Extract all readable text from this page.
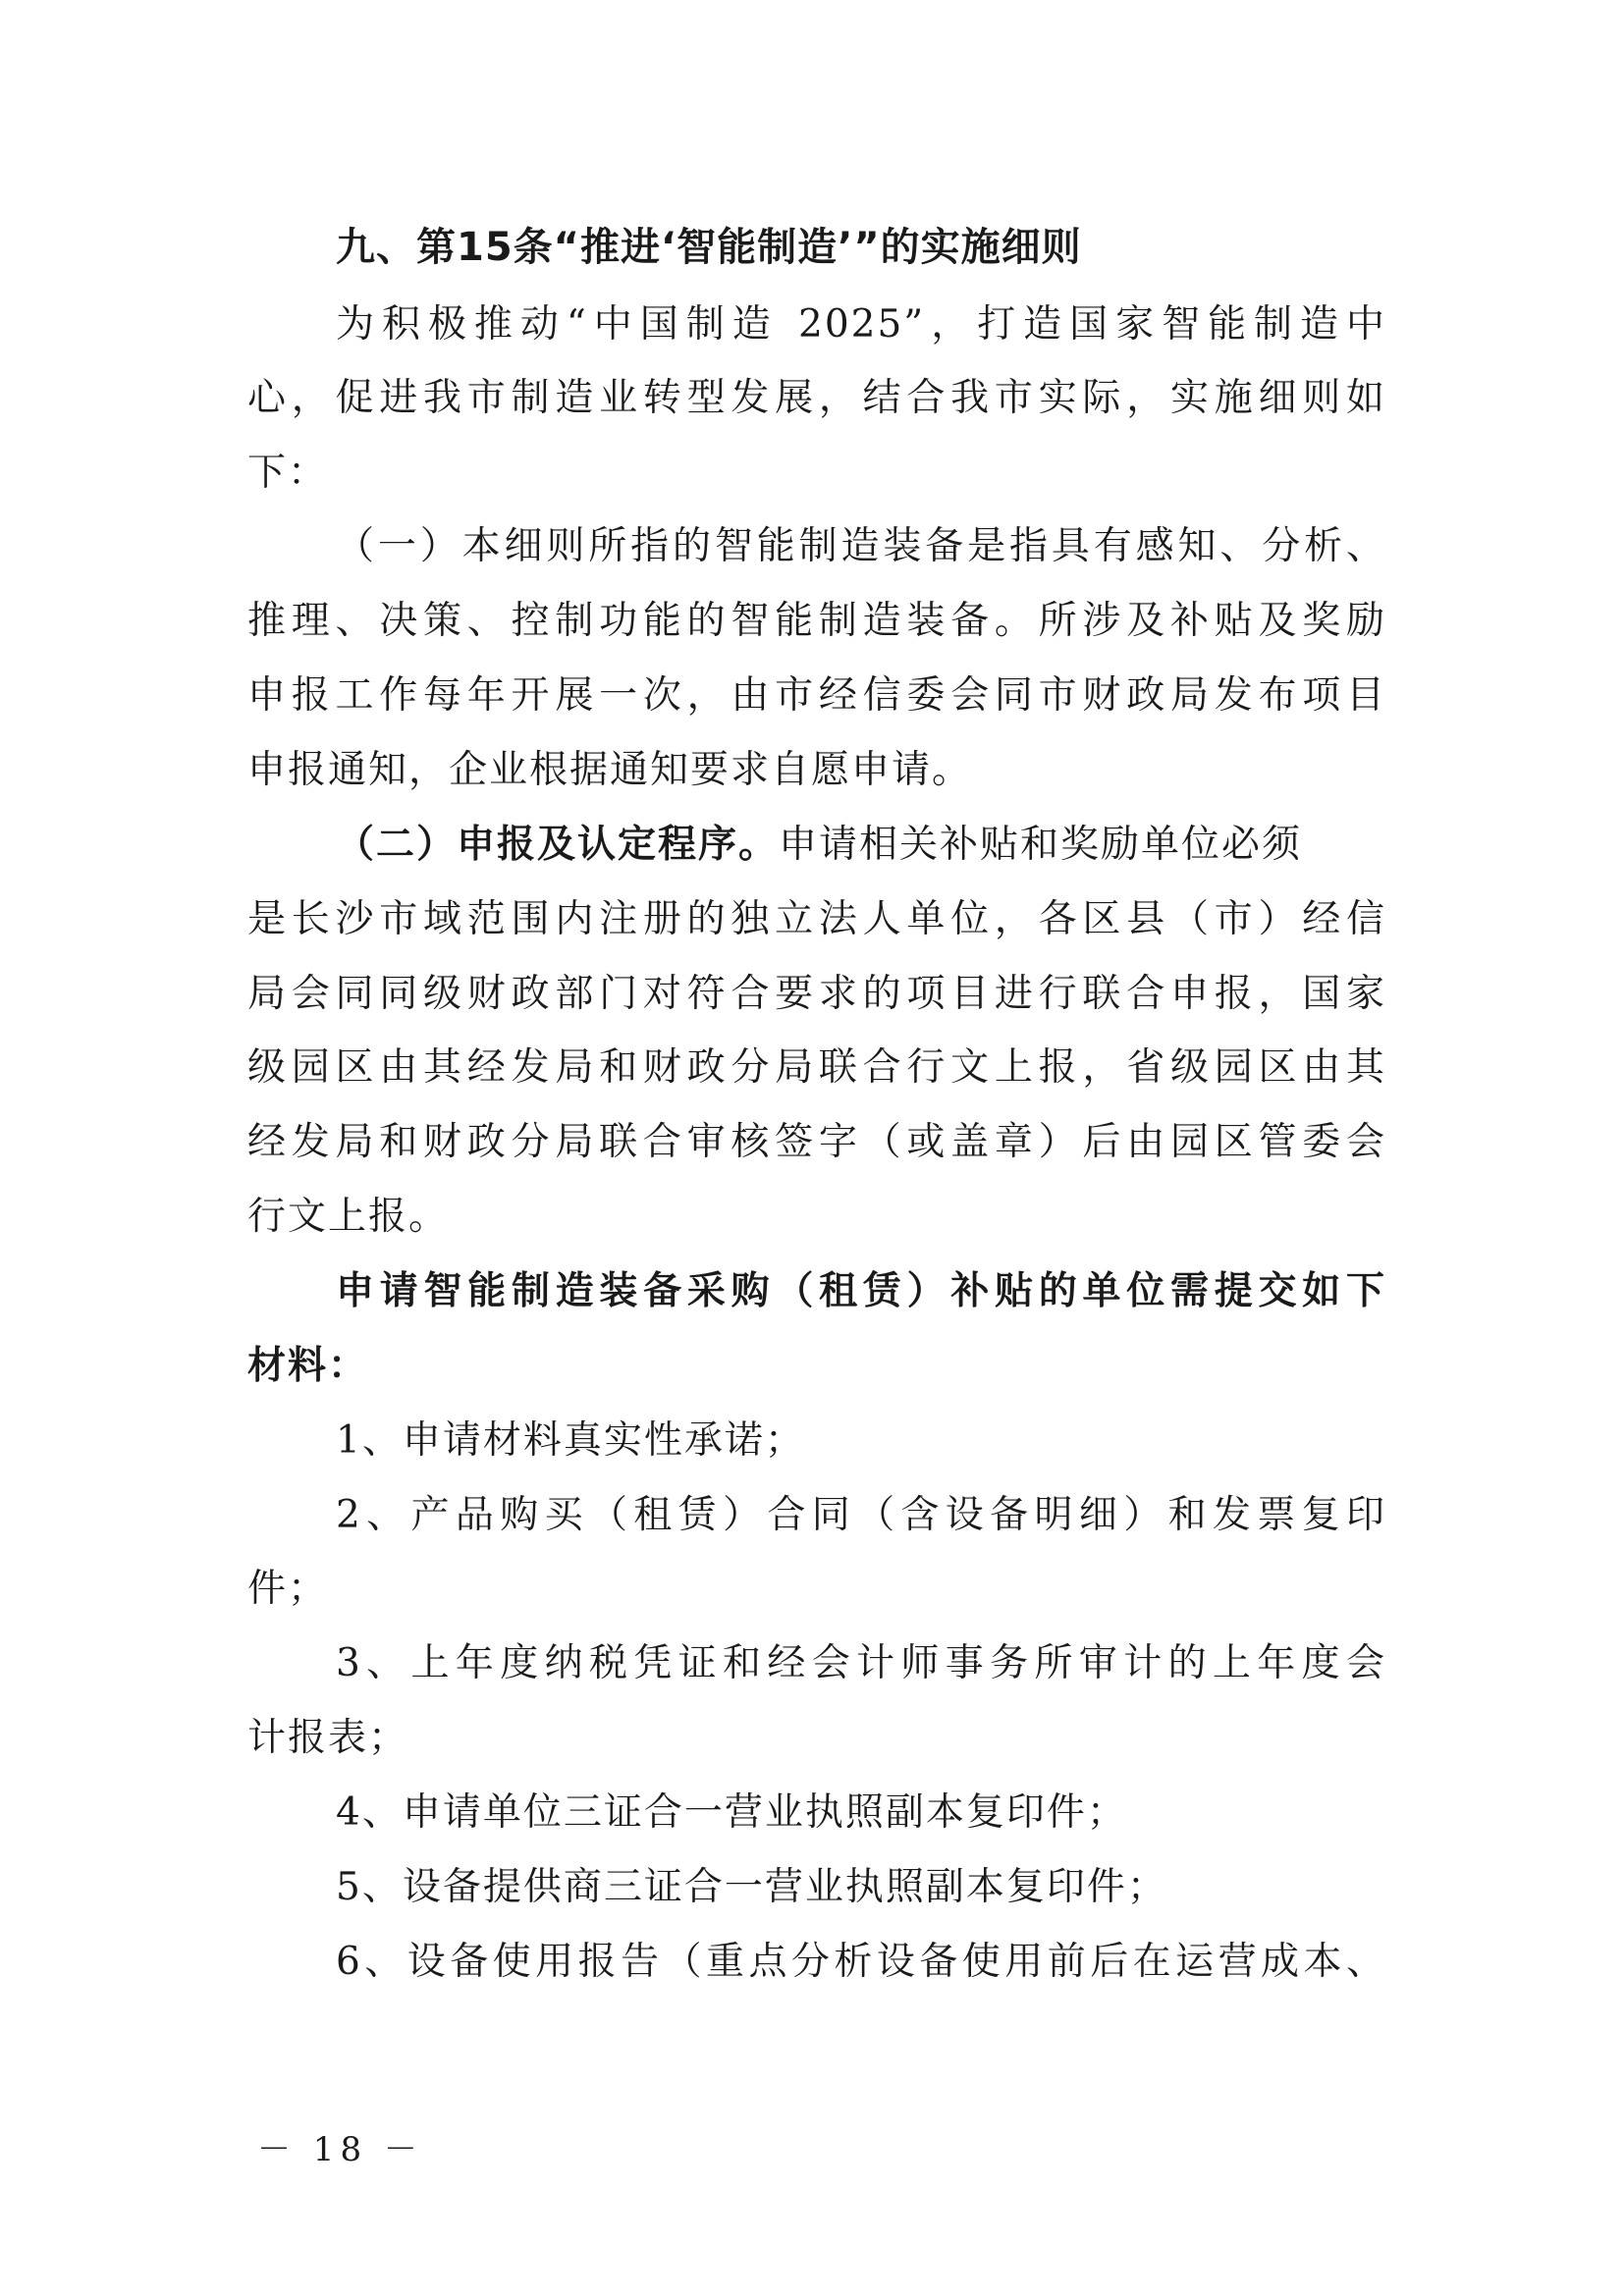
九、第15条“推进‘智能制造’”的实施细则
为积极推动“中国制造 2025”，打造国家智能制造中
心，促进我市制造业转型发展，结合我市实际，实施细则如
下：
（一）本细则所指的智能制造装备是指具有感知、分析、
推理、决策、控制功能的智能制造装备。所涉及补贴及奖励
申报工作每年开展一次，由市经信委会同市财政局发布项目
申报通知，企业根据通知要求自愿申请。
（二）申报及认定程序。申请相关补贴和奖励单位必须
是长沙市域范围内注册的独立法人单位，各区县（市）经信
局会同同级财政部门对符合要求的项目进行联合申报，国家
级园区由其经发局和财政分局联合行文上报，省级园区由其
经发局和财政分局联合审核签字（或盖章）后由园区管委会
行文上报。
申请智能制造装备采购（租赁）补贴的单位需提交如下
材料：
1、申请材料真实性承诺；
2、产品购买（租赁）合同（含设备明细）和发票复印
件；
3、上年度纳税凭证和经会计师事务所审计的上年度会
计报表；
4、申请单位三证合一营业执照副本复印件；
5、设备提供商三证合一营业执照副本复印件；
6、设备使用报告（重点分析设备使用前后在运营成本、
－ 18 －
